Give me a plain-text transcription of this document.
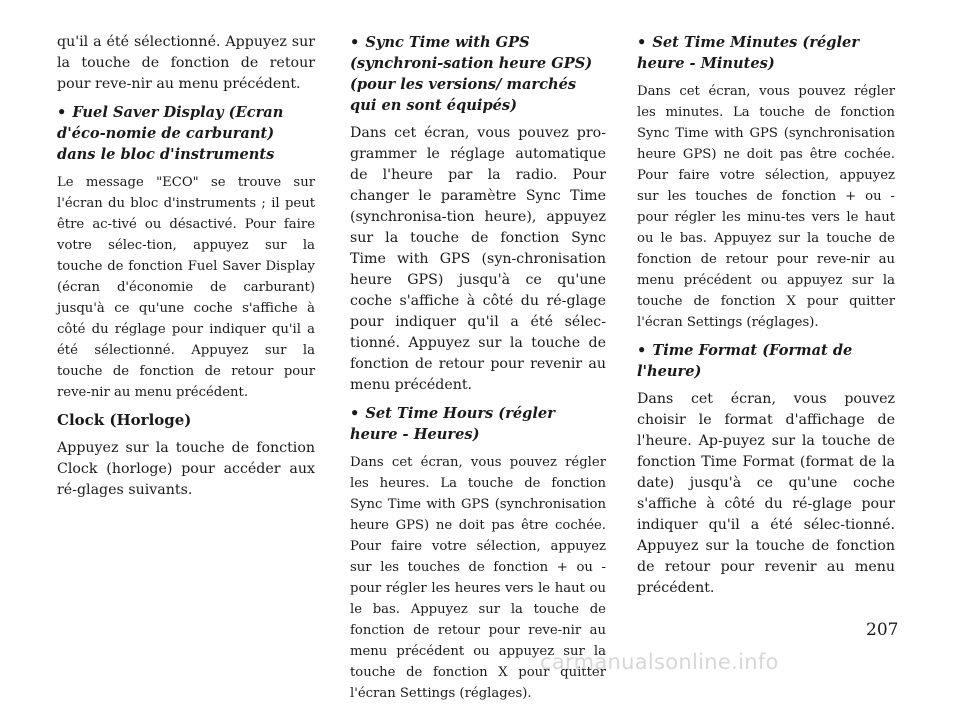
qu'il a été sélectionné. Appuyez sur la touche de fonction de retour pour reve-nir au menu précédent.

• Fuel Saver Display (Ecran d'éco-nomie de carburant) dans le bloc d'instruments

Le message "ECO" se trouve sur l'écran du bloc d'instruments ; il peut être ac-tivé ou désactivé. Pour faire votre sélec-tion, appuyez sur la touche de fonction Fuel Saver Display (écran d'économie de carburant) jusqu'à ce qu'une coche s'affiche à côté du réglage pour indiquer qu'il a été sélectionné. Appuyez sur la touche de fonction de retour pour reve-nir au menu précédent.

Clock (Horloge)

Appuyez sur la touche de fonction Clock (horloge) pour accéder aux ré-glages suivants.

• Sync Time with GPS (synchroni-sation heure GPS) (pour les versions/ marchés qui en sont équipés)

Dans cet écran, vous pouvez pro-grammer le réglage automatique de l'heure par la radio. Pour changer le paramètre Sync Time (synchronisa-tion heure), appuyez sur la touche de fonction Sync Time with GPS (syn-chronisation heure GPS) jusqu'à ce qu'une coche s'affiche à côté du ré-glage pour indiquer qu'il a été sélec-tionné. Appuyez sur la touche de fonction de retour pour revenir au menu précédent.

• Set Time Hours (régler heure - Heures)

Dans cet écran, vous pouvez régler les heures. La touche de fonction Sync Time with GPS (synchronisation heure GPS) ne doit pas être cochée. Pour faire votre sélection, appuyez sur les touches de fonction + ou - pour régler les heures vers le haut ou le bas. Appuyez sur la touche de fonction de retour pour reve-nir au menu précédent ou appuyez sur la touche de fonction X pour quitter l'écran Settings (réglages).

• Set Time Minutes (régler heure - Minutes)

Dans cet écran, vous pouvez régler les minutes. La touche de fonction Sync Time with GPS (synchronisation heure GPS) ne doit pas être cochée. Pour faire votre sélection, appuyez sur les touches de fonction + ou - pour régler les minu-tes vers le haut ou le bas. Appuyez sur la touche de fonction de retour pour reve-nir au menu précédent ou appuyez sur la touche de fonction X pour quitter l'écran Settings (réglages).

• Time Format (Format de l'heure)

Dans cet écran, vous pouvez choisir le format d'affichage de l'heure. Ap-puyez sur la touche de fonction Time Format (format de la date) jusqu'à ce qu'une coche s'affiche à côté du ré-glage pour indiquer qu'il a été sélec-tionné. Appuyez sur la touche de fonction de retour pour revenir au menu précédent.

207
carmanualsonline.info
